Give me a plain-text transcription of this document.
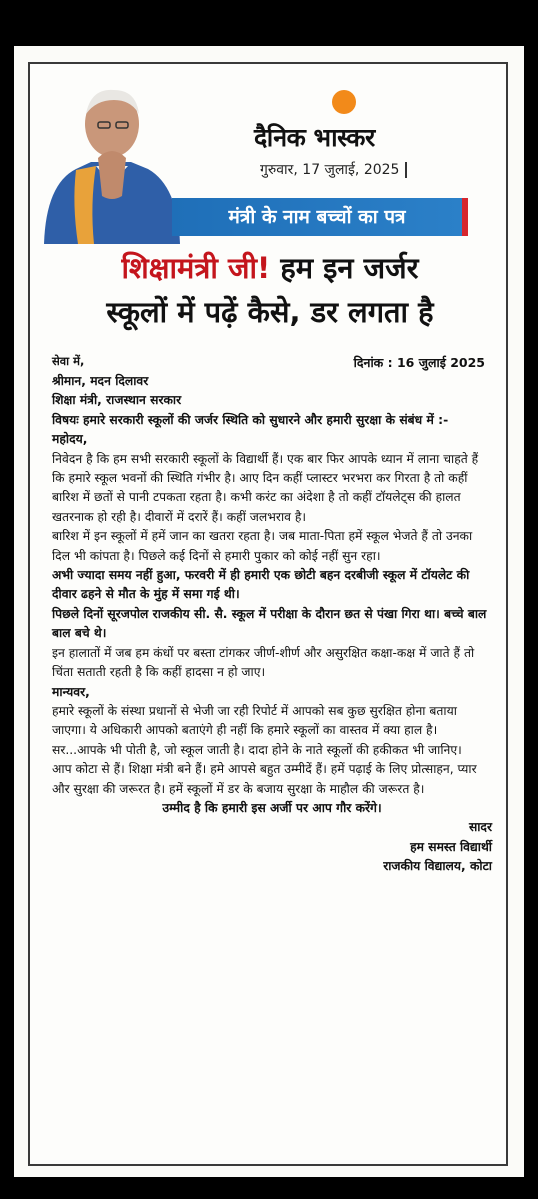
दैनिक भास्कर
गुरुवार, 17 जुलाई, 2025
मंत्री के नाम बच्चों का पत्र
शिक्षामंत्री जी! हम इन जर्जर
स्कूलों में पढ़ें कैसे, डर लगता है
सेवा में,	दिनांक : 16 जुलाई 2025

श्रीमान, मदन दिलावर

शिक्षा मंत्री, राजस्थान सरकार

विषयः हमारे सरकारी स्कूलों की जर्जर स्थिति को सुधारने और हमारी सुरक्षा के संबंध में :-

महोदय,

निवेदन है कि हम सभी सरकारी स्कूलों के विद्यार्थी हैं। एक बार फिर आपके ध्यान में लाना चाहते हैं कि हमारे स्कूल भवनों की स्थिति गंभीर है। आए दिन कहीं प्लास्टर भरभरा कर गिरता है तो कहीं बारिश में छतों से पानी टपकता रहता है। कभी करंट का अंदेशा है तो कहीं टॉयलेट्स की हालत खतरनाक हो रही है। दीवारों में दरारें हैं। कहीं जलभराव है।

बारिश में इन स्कूलों में हमें जान का खतरा रहता है। जब माता-पिता हमें स्कूल भेजते हैं तो उनका दिल भी कांपता है। पिछले कई दिनों से हमारी पुकार को कोई नहीं सुन रहा।

अभी ज्यादा समय नहीं हुआ, फरवरी में ही हमारी एक छोटी बहन दरबीजी स्कूल में टॉयलेट की दीवार ढहने से मौत के मुंह में समा गई थी।

पिछले दिनों सूरजपोल राजकीय सी. सै. स्कूल में परीक्षा के दौरान छत से पंखा गिरा था। बच्चे बाल बाल बचे थे।

इन हालातों में जब हम कंधों पर बस्ता टांगकर जीर्ण-शीर्ण और असुरक्षित कक्षा-कक्ष में जाते हैं तो चिंता सताती रहती है कि कहीं हादसा न हो जाए।

मान्यवर,

हमारे स्कूलों के संस्था प्रधानों से भेजी जा रही रिपोर्ट में आपको सब कुछ सुरक्षित होना बताया जाएगा। ये अधिकारी आपको बताएंगे ही नहीं कि हमारे स्कूलों का वास्तव में क्या हाल है। सर...आपके भी पोती है, जो स्कूल जाती है। दादा होने के नाते स्कूलों की हकीकत भी जानिए।

आप कोटा से हैं। शिक्षा मंत्री बने हैं। हमे आपसे बहुत उम्मीदें हैं। हमें पढ़ाई के लिए प्रोत्साहन, प्यार और सुरक्षा की जरूरत है। हमें स्कूलों में डर के बजाय सुरक्षा के माहौल की जरूरत है।

उम्मीद है कि हमारी इस अर्जी पर आप गौर करेंगे।

सादर

हम समस्त विद्यार्थी

राजकीय विद्यालय, कोटा
